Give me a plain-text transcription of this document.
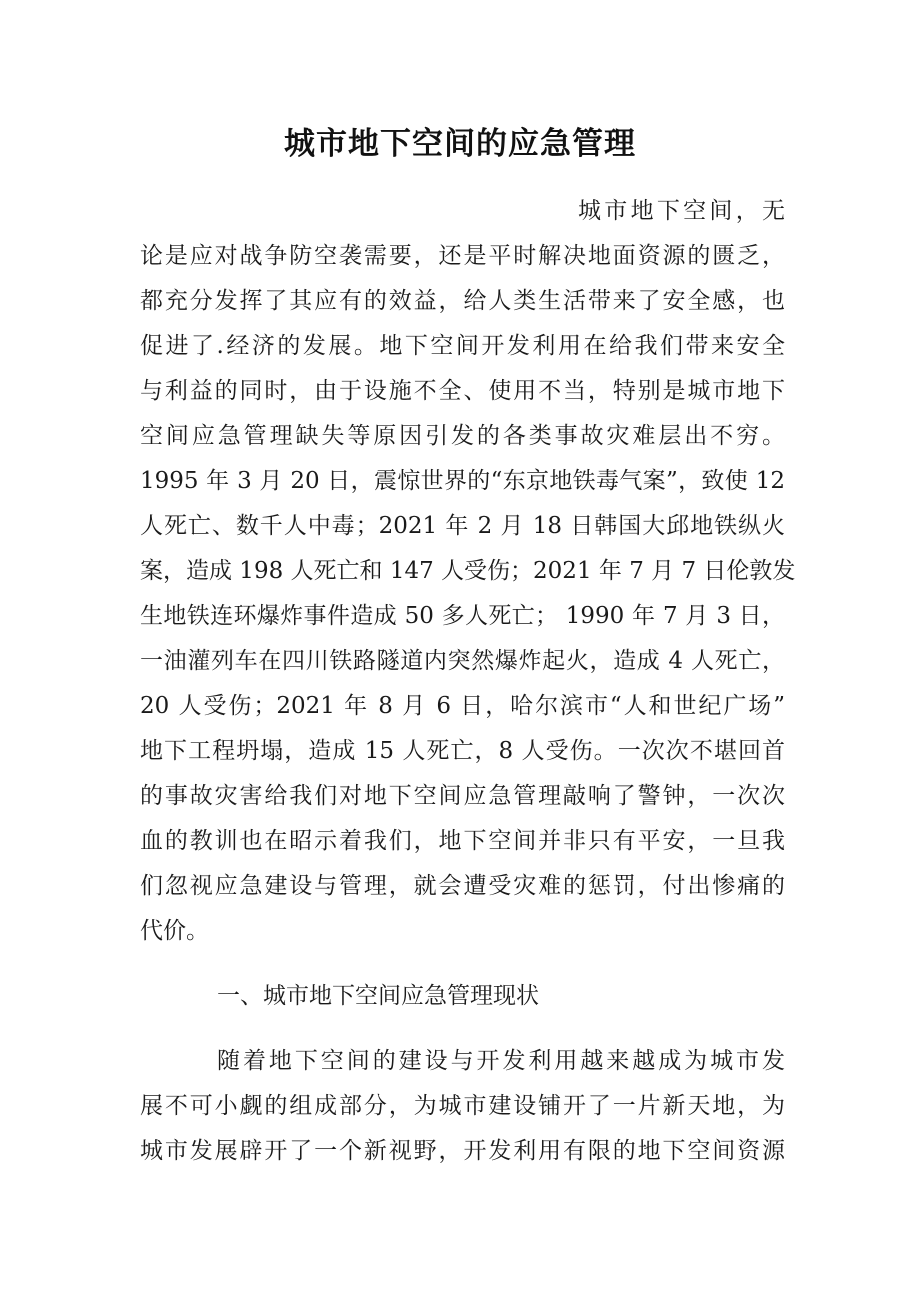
城市地下空间的应急管理

城市地下空间，无

论是应对战争防空袭需要，还是平时解决地面资源的匮乏，

都充分发挥了其应有的效益，给人类生活带来了安全感，也

促进了.经济的发展。地下空间开发利用在给我们带来安全

与利益的同时，由于设施不全、使用不当，特别是城市地下

空间应急管理缺失等原因引发的各类事故灾难层出不穷。

1995 年 3 月 20 日，震惊世界的“东京地铁毒气案”，致使 12

人死亡、数千人中毒；2021 年 2 月 18 日韩国大邱地铁纵火

案，造成 198 人死亡和 147 人受伤；2021 年 7 月 7 日伦敦发

生地铁连环爆炸事件造成 50 多人死亡； 1990 年 7 月 3 日，

一油灌列车在四川铁路隧道内突然爆炸起火，造成 4 人死亡，

20 人受伤；2021 年 8 月 6 日，哈尔滨市“人和世纪广场”

地下工程坍塌，造成 15 人死亡，8 人受伤。一次次不堪回首

的事故灾害给我们对地下空间应急管理敲响了警钟，一次次

血的教训也在昭示着我们，地下空间并非只有平安，一旦我

们忽视应急建设与管理，就会遭受灾难的惩罚，付出惨痛的

代价。

一、城市地下空间应急管理现状

随着地下空间的建设与开发利用越来越成为城市发

展不可小觑的组成部分，为城市建设铺开了一片新天地，为

城市发展辟开了一个新视野，开发利用有限的地下空间资源
